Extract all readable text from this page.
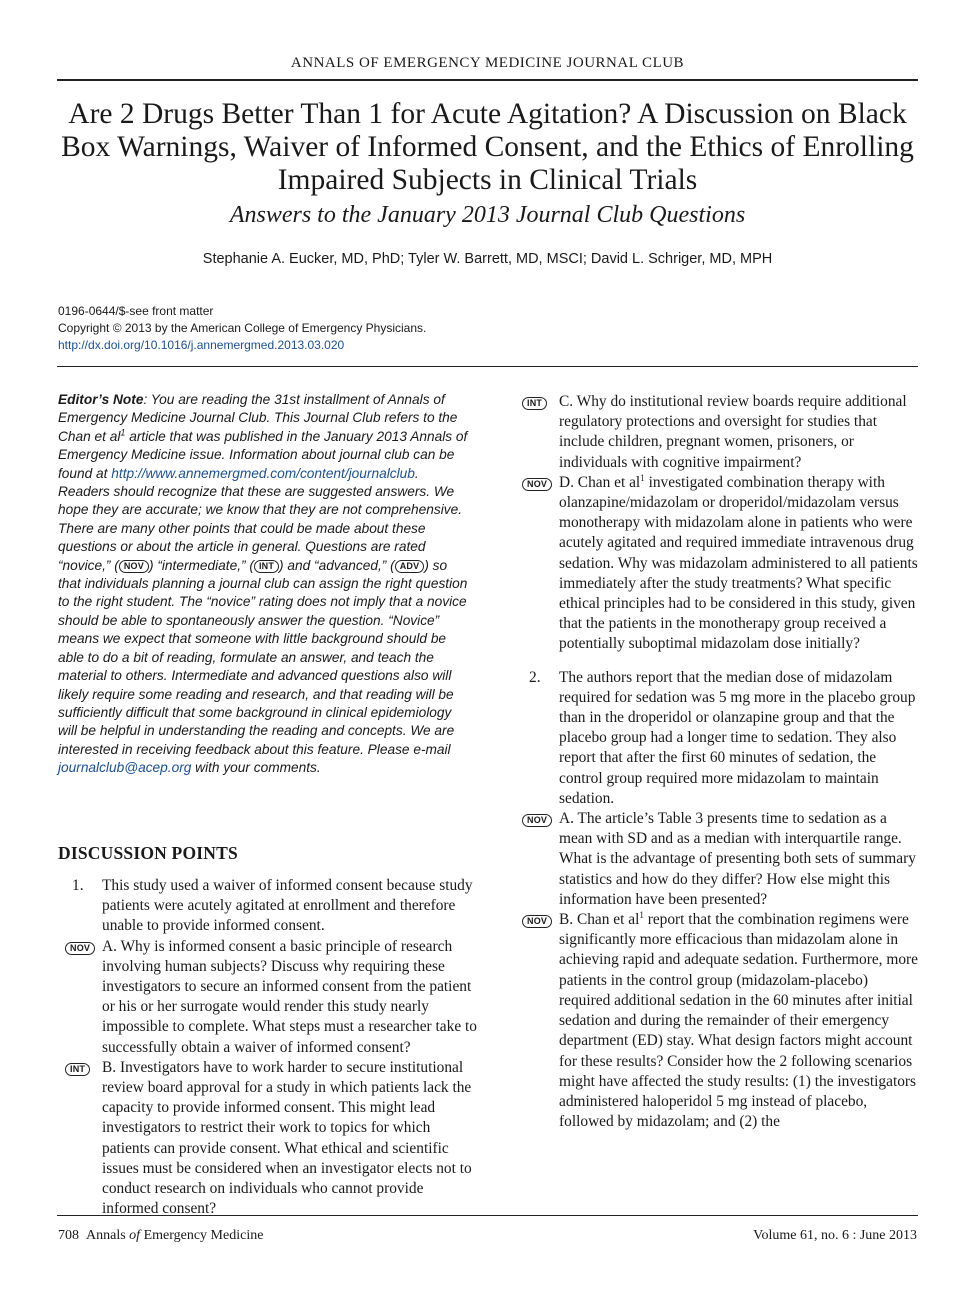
ANNALS OF EMERGENCY MEDICINE JOURNAL CLUB
Are 2 Drugs Better Than 1 for Acute Agitation? A Discussion on Black Box Warnings, Waiver of Informed Consent, and the Ethics of Enrolling Impaired Subjects in Clinical Trials
Answers to the January 2013 Journal Club Questions
Stephanie A. Eucker, MD, PhD; Tyler W. Barrett, MD, MSCI; David L. Schriger, MD, MPH
0196-0644/$-see front matter
Copyright © 2013 by the American College of Emergency Physicians.
http://dx.doi.org/10.1016/j.annemergmed.2013.03.020
Editor’s Note: You are reading the 31st installment of Annals of Emergency Medicine Journal Club. This Journal Club refers to the Chan et $al^1$ article that was published in the January 2013 Annals of Emergency Medicine issue. Information about journal club can be found at http://www.annemergmed.com/content/journalclub. Readers should recognize that these are suggested answers. We hope they are accurate; we know that they are not comprehensive. There are many other points that could be made about these questions or about the article in general. Questions are rated “novice,” ( NOV ) “intermediate,” ( INT ) and “advanced,” ( ADV ) so that individuals planning a journal club can assign the right question to the right student. The “novice” rating does not imply that a novice should be able to spontaneously answer the question. “Novice” means we expect that someone with little background should be able to do a bit of reading, formulate an answer, and teach the material to others. Intermediate and advanced questions also will likely require some reading and research, and that reading will be sufficiently difficult that some background in clinical epidemiology will be helpful in understanding the reading and concepts. We are interested in receiving feedback about this feature. Please e-mail journalclub@acep.org with your comments.
DISCUSSION POINTS
1. This study used a waiver of informed consent because study patients were acutely agitated at enrollment and therefore unable to provide informed consent.
NOV A. Why is informed consent a basic principle of research involving human subjects? Discuss why requiring these investigators to secure an informed consent from the patient or his or her surrogate would render this study nearly impossible to complete. What steps must a researcher take to successfully obtain a waiver of informed consent?
INT	B. Investigators have to work harder to secure institutional review board approval for a study in which patients lack the capacity to provide informed consent. This might lead investigators to restrict their work to topics for which patients can provide consent. What ethical and scientific issues must be considered when an investigator elects not to conduct research on individuals who cannot provide informed consent?
INT	C. Why do institutional review boards require additional regulatory protections and oversight for studies that include children, pregnant women, prisoners, or individuals with cognitive impairment?
NOV D. Chan et $al^1$ investigated combination therapy with olanzapine/midazolam or droperidol/midazolam versus monotherapy with midazolam alone in patients who were acutely agitated and required immediate intravenous drug sedation. Why was midazolam administered to all patients immediately after the study treatments? What specific ethical principles had to be considered in this study, given that the patients in the monotherapy group received a potentially suboptimal midazolam dose initially?
2. The authors report that the median dose of midazolam required for sedation was 5 mg more in the placebo group than in the droperidol or olanzapine group and that the placebo group had a longer time to sedation. They also report that after the first 60 minutes of sedation, the control group required more midazolam to maintain sedation.
NOV A. The article’s Table 3 presents time to sedation as a mean with SD and as a median with interquartile range. What is the advantage of presenting both sets of summary statistics and how do they differ? How else might this information have been presented?
NOV B. Chan et $al^1$ report that the combination regimens were significantly more efficacious than midazolam alone in achieving rapid and adequate sedation. Furthermore, more patients in the control group (midazolam-placebo) required additional sedation in the 60 minutes after initial sedation and during the remainder of their emergency department (ED) stay. What design factors might account for these results? Consider how the 2 following scenarios might have affected the study results: (1) the investigators administered haloperidol 5 mg instead of placebo, followed by midazolam; and (2) the
708 Annals of Emergency Medicine	Volume 61, no. 6 : June 2013
